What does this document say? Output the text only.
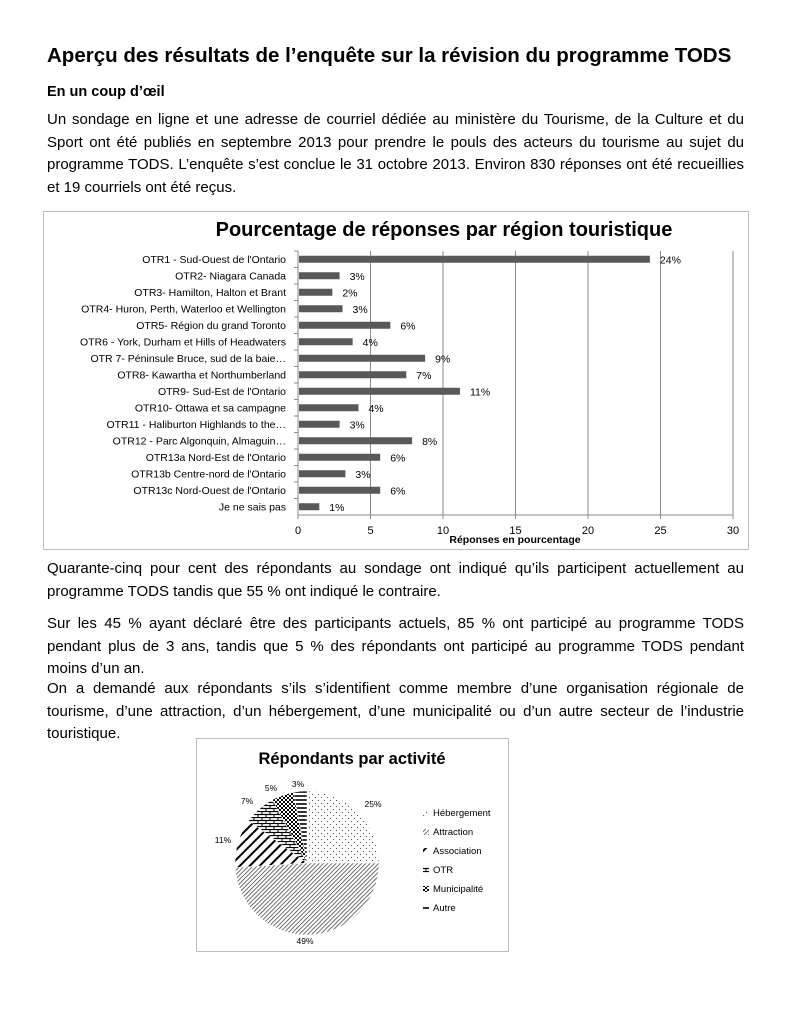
Aperçu des résultats de l’enquête sur la révision du programme TODS
En un coup d’œil

Un sondage en ligne et une adresse de courriel dédiée au ministère du Tourisme, de la Culture et du Sport ont été publiés en septembre 2013 pour prendre le pouls des acteurs du tourisme au sujet du programme TODS. L’enquête s’est conclue le 31 octobre 2013. Environ 830 réponses ont été recueillies et 19 courriels ont été reçus.

Pourcentage de réponses par région touristique
0	5	10	15	20	25	30
Réponses en pourcentage
OTR1 - Sud-Ouest de l'Ontario	24%
OTR2- Niagara Canada	3%
OTR3- Hamilton, Halton et Brant	2%
OTR4- Huron, Perth, Waterloo et Wellington	3%
OTR5- Région du grand Toronto	6%
OTR6 - York, Durham et Hills of Headwaters	4%
OTR 7- Péninsule Bruce, sud de la baie…	9%
OTR8- Kawartha et Northumberland	7%
OTR9- Sud-Est de l'Ontario	11%
OTR10- Ottawa et sa campagne	4%
OTR11 - Haliburton Highlands to the…	3%
OTR12 - Parc Algonquin, Almaguin…	8%
OTR13a Nord-Est de l'Ontario	6%
OTR13b Centre-nord de l'Ontario	3%
OTR13c Nord-Ouest de l'Ontario	6%
Je ne sais pas	1%

Quarante-cinq pour cent des répondants au sondage ont indiqué qu’ils participent actuellement au programme TODS tandis que 55 % ont indiqué le contraire.

Sur les 45 % ayant déclaré être des participants actuels, 85 % ont participé au programme TODS pendant plus de 3 ans, tandis que 5 % des répondants ont participé au programme TODS pendant moins d’un an.

On a demandé aux répondants s’ils s’identifient comme membre d’une organisation régionale de tourisme, d’une attraction, d’un hébergement, d’une municipalité ou d’un autre secteur de l’industrie touristique.

Répondants par activité
25%
49%
11%
7%
5% 3%
Hébergement
Attraction
Association
OTR
Municipalité
Autre
